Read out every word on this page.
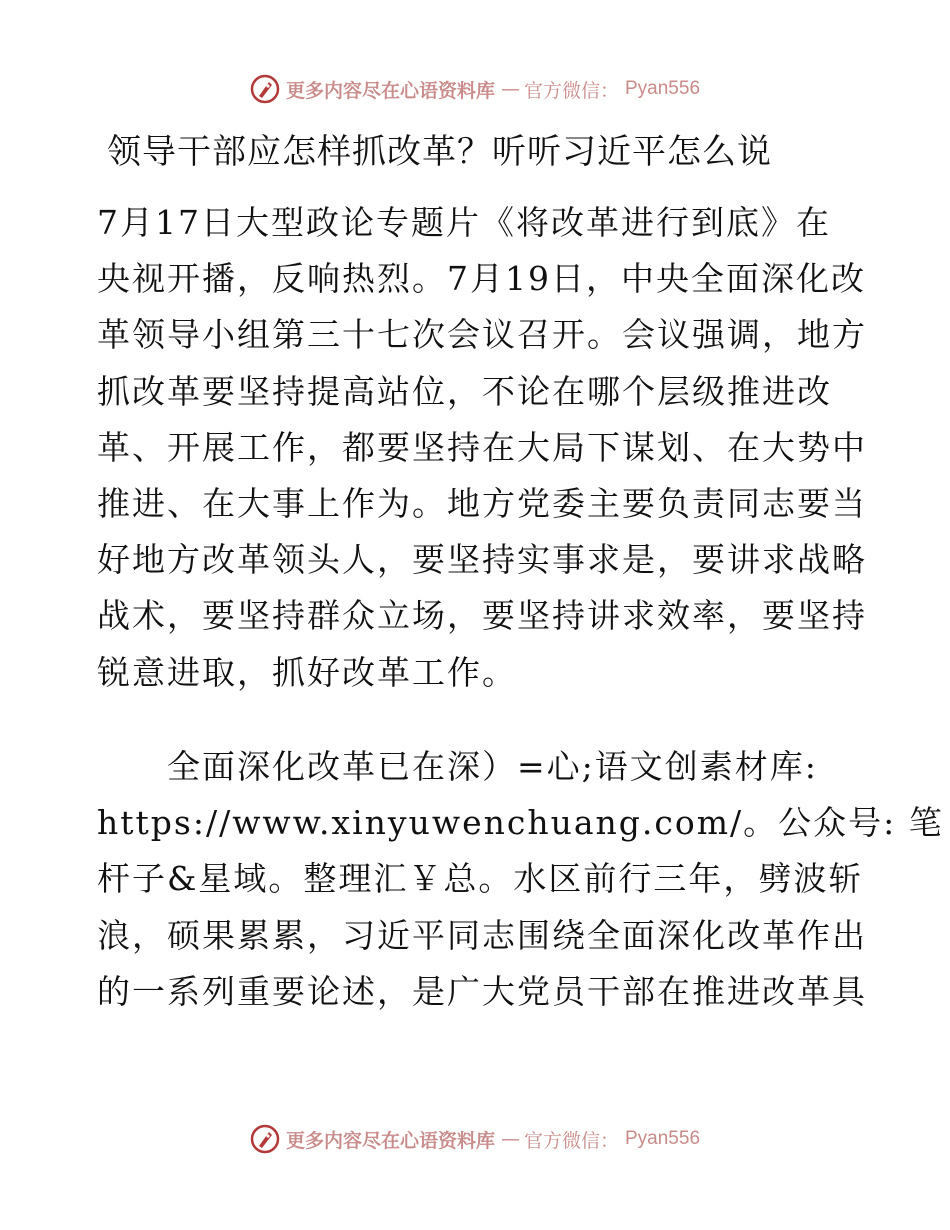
更多内容尽在心语资料库 — 官方微信： Pyan556
领导干部应怎样抓改革？听听习近平怎么说
7月17日大型政论专题片《将改革进行到底》在
央视开播，反响热烈。7月19日，中央全面深化改
革领导小组第三十七次会议召开。会议强调，地方
抓改革要坚持提高站位，不论在哪个层级推进改
革、开展工作，都要坚持在大局下谋划、在大势中
推进、在大事上作为。地方党委主要负责同志要当
好地方改革领头人，要坚持实事求是，要讲求战略
战术，要坚持群众立场，要坚持讲求效率，要坚持
锐意进取，抓好改革工作。
　　全面深化改革已在深）=心;语文创素材库:
https://www.xinyuwenchuang.com/。公众号: 笔
杆子&星域。整理汇￥总。水区前行三年，劈波斩
浪，硕果累累，习近平同志围绕全面深化改革作出
的一系列重要论述，是广大党员干部在推进改革具
更多内容尽在心语资料库 — 官方微信： Pyan556
